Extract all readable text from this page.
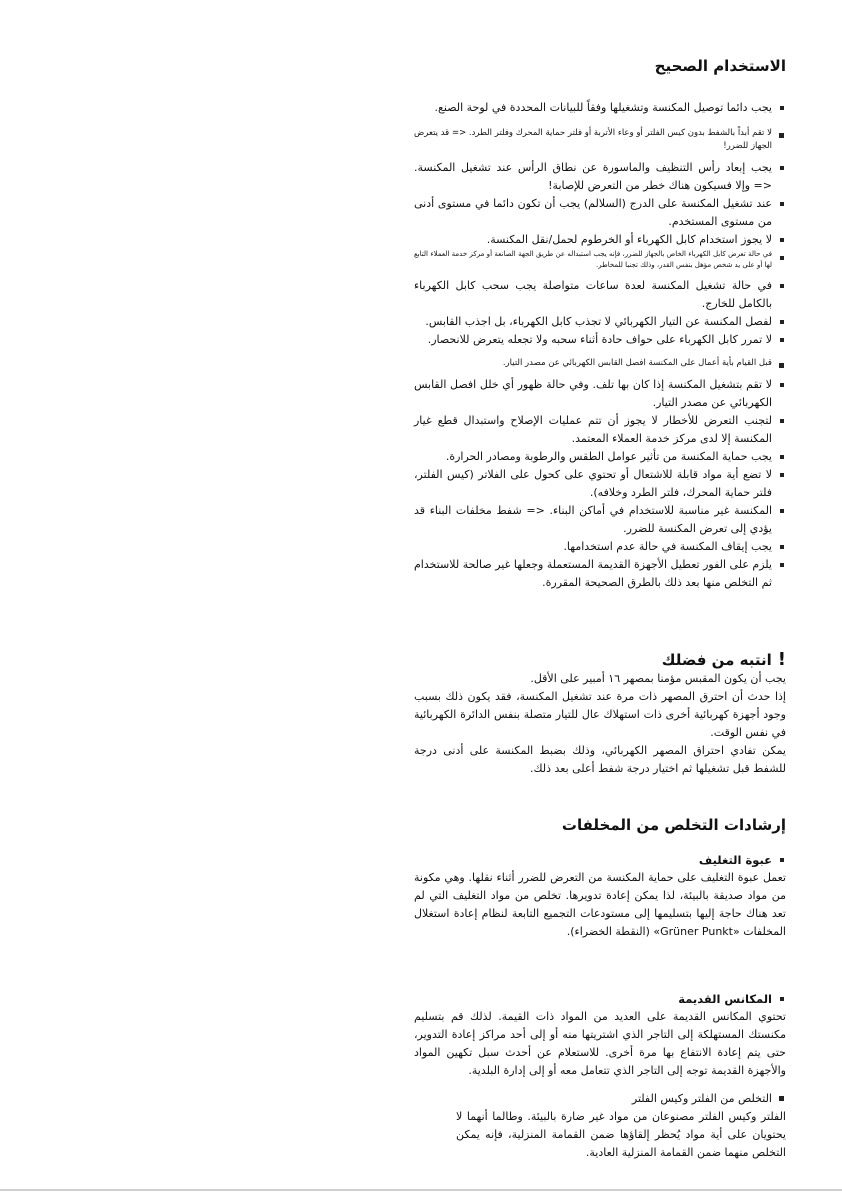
الاستخدام الصحيح

يجب دائما توصيل المكنسة وتشغيلها وفقاً للبيانات المحددة في لوحة الصنع.

لا تقم أبداً بالشفط بدون كيس الفلتر أو وعاء الأتربة أو فلتر حماية المحرك وفلتر الطرد. <= قد يتعرض الجهاز للضرر!

يجب إبعاد رأس التنظيف والماسورة عن نطاق الرأس عند تشغيل المكنسة. <= وإلا فسيكون هناك خطر من التعرض للإصابة!

عند تشغيل المكنسة على الدرج (السلالم) يجب أن تكون دائما في مستوى أدنى من مستوى المستخدم.

لا يجوز استخدام كابل الكهرباء أو الخرطوم لحمل/نقل المكنسة.

في حالة تعرض كابل الكهرباء الخاص بالجهاز للضرر، فإنه يجب استبداله عن طريق الجهة الصانعة أو مركز خدمة العملاء التابع لها أو على يد شخص مؤهل بنفس القدر، وذلك تجنبا للمخاطر.

في حالة تشغيل المكنسة لعدة ساعات متواصلة يجب سحب كابل الكهرباء بالكامل للخارج.

لفصل المكنسة عن التيار الكهربائي لا تجذب كابل الكهرباء، بل اجذب القابس.

لا تمرر كابل الكهرباء على حواف حادة أثناء سحبه ولا تجعله يتعرض للانحصار.

قبل القيام بأية أعمال على المكنسة افصل القابس الكهربائي عن مصدر التيار.

لا تقم بتشغيل المكنسة إذا كان بها تلف. وفي حالة ظهور أي خلل افصل القابس الكهربائي عن مصدر التيار.

لتجنب التعرض للأخطار لا يجوز أن تتم عمليات الإصلاح واستبدال قطع غيار المكنسة إلا لدى مركز خدمة العملاء المعتمد.

يجب حماية المكنسة من تأثير عوامل الطقس والرطوبة ومصادر الحرارة.

لا تضع أية مواد قابلة للاشتعال أو تحتوي على كحول على الفلاتر (كيس الفلتر، فلتر حماية المحرك، فلتر الطرد وخلافه).

المكنسة غير مناسبة للاستخدام في أماكن البناء. <= شفط مخلفات البناء قد يؤدي إلى تعرض المكنسة للضرر.

يجب إيقاف المكنسة في حالة عدم استخدامها.

يلزم على الفور تعطيل الأجهزة القديمة المستعملة وجعلها غير صالحة للاستخدام ثم التخلص منها بعد ذلك بالطرق الصحيحة المقررة.

!
انتبه من فضلك

يجب أن يكون المقبس مؤمنا بمصهر ١٦ أمبير على الأقل.

إذا حدث أن احترق المصهر ذات مرة عند تشغيل المكنسة، فقد يكون ذلك بسبب وجود أجهزة كهربائية أخرى ذات استهلاك عال للتيار متصلة بنفس الدائرة الكهربائية في نفس الوقت.

يمكن تفادي احتراق المصهر الكهربائي، وذلك بضبط المكنسة على أدنى درجة للشفط قبل تشغيلها ثم اختيار درجة شفط أعلى بعد ذلك.

إرشادات التخلص من المخلفات
عبوة التغليف

تعمل عبوة التغليف على حماية المكنسة من التعرض للضرر أثناء نقلها. وهي مكونة من مواد صديقة بالبيئة، لذا يمكن إعادة تدويرها. تخلص من مواد التغليف التي لم تعد هناك حاجة إليها بتسليمها إلى مستودعات التجميع التابعة لنظام إعادة استغلال المخلفات «Grüner Punkt» (النقطة الخضراء).

المكانس القديمة

تحتوي المكانس القديمة على العديد من المواد ذات القيمة. لذلك قم بتسليم مكنستك المستهلكة إلى التاجر الذي اشتريتها منه أو إلى أحد مراكز إعادة التدوير، حتى يتم إعادة الانتفاع بها مرة أخرى. للاستعلام عن أحدث سبل تكهين المواد والأجهزة القديمة توجه إلى التاجر الذي تتعامل معه أو إلى إدارة البلدية.

التخلص من الفلتر وكيس الفلتر

الفلتر وكيس الفلتر مصنوعان من مواد غير ضارة بالبيئة. وطالما أنهما لا يحتويان على أية مواد يُحظر إلقاؤها ضمن القمامة المنزلية، فإنه يمكن التخلص منهما ضمن القمامة المنزلية العادية.
